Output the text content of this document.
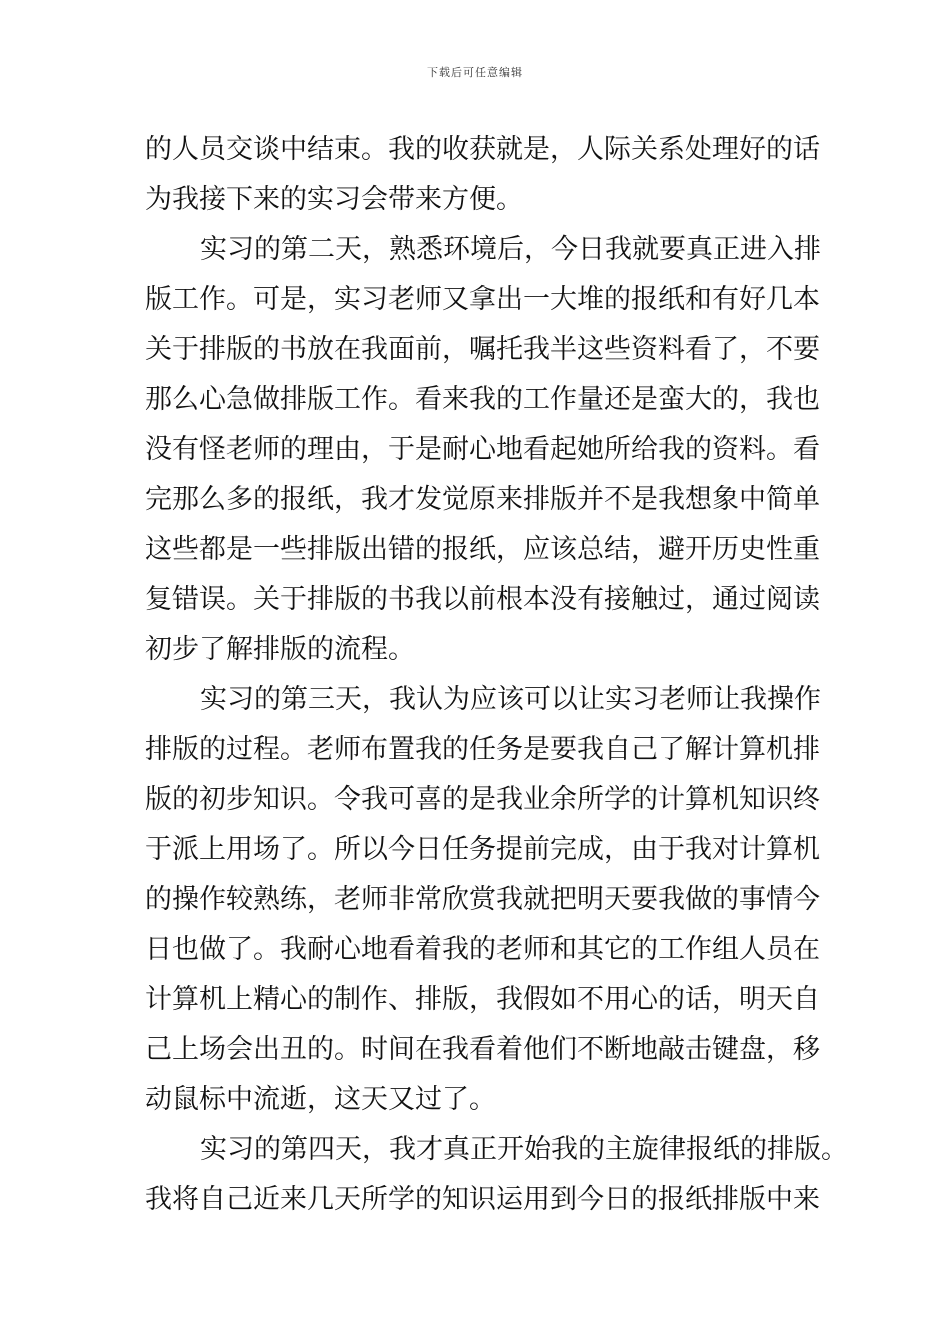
下载后可任意编辑
的人员交谈中结束。我的收获就是，人际关系处理好的话
为我接下来的实习会带来方便。
实习的第二天，熟悉环境后，今日我就要真正进入排
版工作。可是，实习老师又拿出一大堆的报纸和有好几本
关于排版的书放在我面前，嘱托我半这些资料看了，不要
那么心急做排版工作。看来我的工作量还是蛮大的，我也
没有怪老师的理由，于是耐心地看起她所给我的资料。看
完那么多的报纸，我才发觉原来排版并不是我想象中简单
这些都是一些排版出错的报纸，应该总结，避开历史性重
复错误。关于排版的书我以前根本没有接触过，通过阅读
初步了解排版的流程。
实习的第三天，我认为应该可以让实习老师让我操作
排版的过程。老师布置我的任务是要我自己了解计算机排
版的初步知识。令我可喜的是我业余所学的计算机知识终
于派上用场了。所以今日任务提前完成，由于我对计算机
的操作较熟练，老师非常欣赏我就把明天要我做的事情今
日也做了。我耐心地看着我的老师和其它的工作组人员在
计算机上精心的制作、排版，我假如不用心的话，明天自
己上场会出丑的。时间在我看着他们不断地敲击键盘，移
动鼠标中流逝，这天又过了。
实习的第四天，我才真正开始我的主旋律报纸的排版。
我将自己近来几天所学的知识运用到今日的报纸排版中来
